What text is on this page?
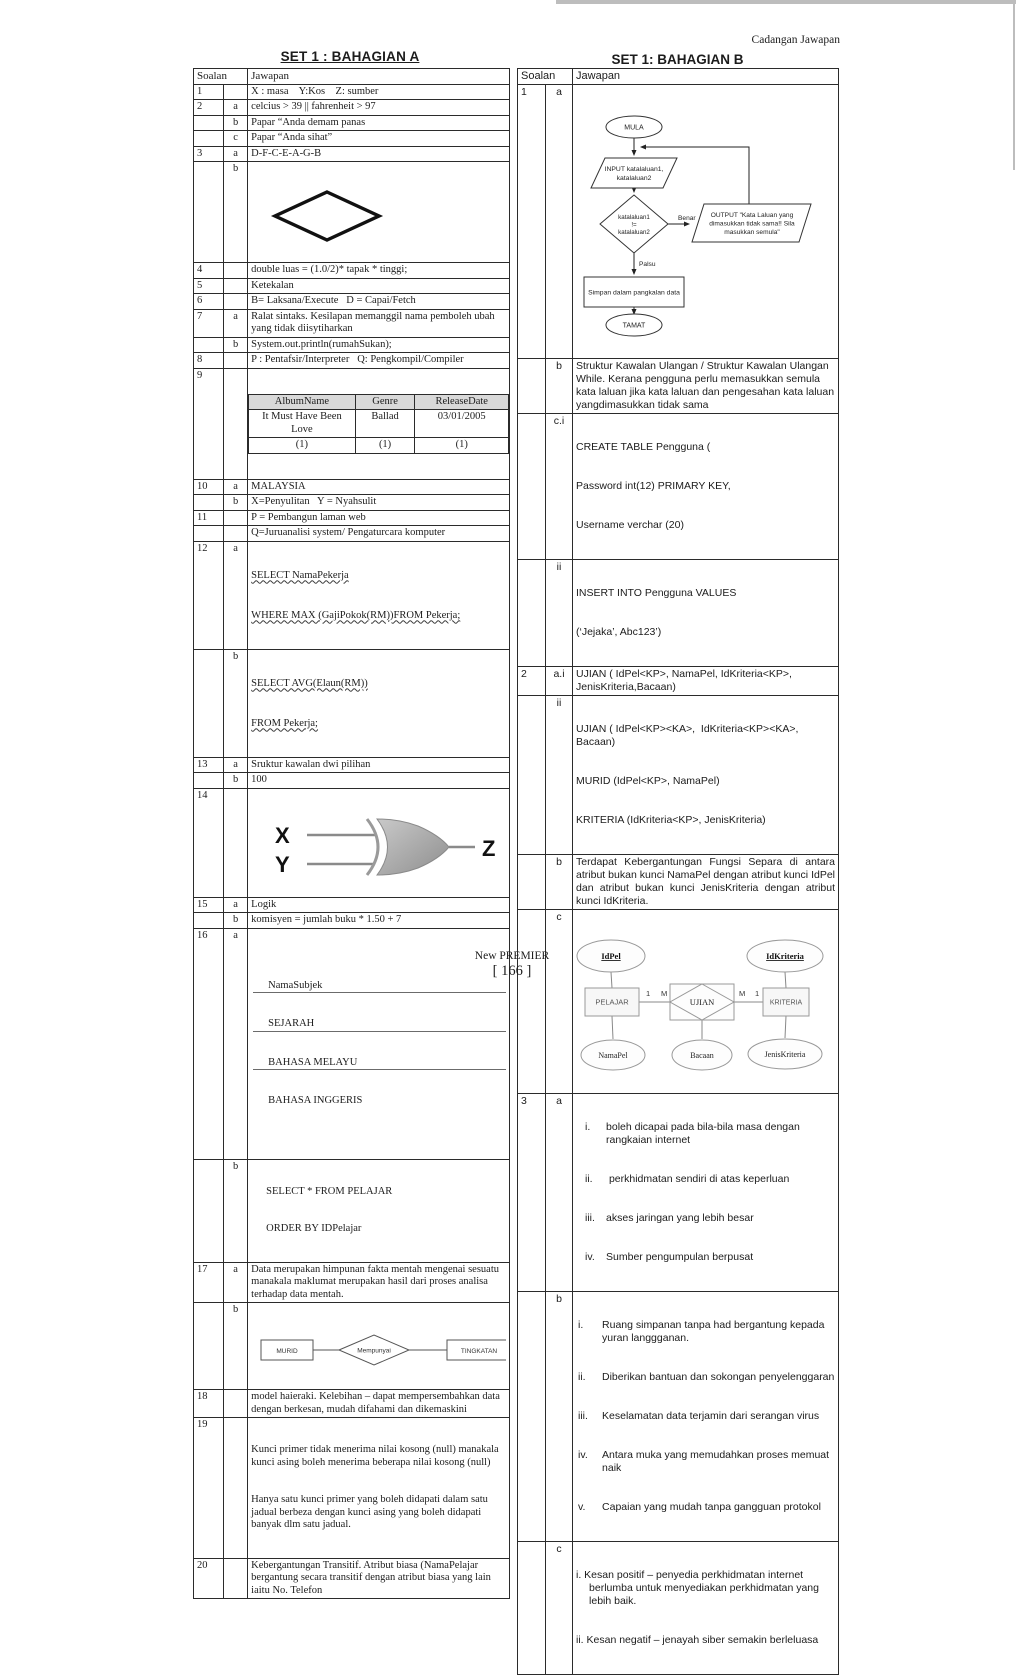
Cadangan Jawapan
SET 1 : BAHAGIAN A	SET 1: BAHAGIAN B
Soalan	Jawapan
1		X : masa    Y:Kos    Z: sumber
2	a	celcius > 39 || fahrenheit > 97
	b	Papar “Anda demam panas
	c	Papar “Anda sihat”
3	a	D-F-C-E-A-G-B
	b	

4		double luas = (1.0/2)* tapak * tinggi;
5		Ketekalan
6		B= Laksana/Execute   D = Capai/Fetch
7	a	Ralat sintaks. Kesilapan memanggil nama pemboleh ubah yang tidak diisytiharkan
	b	System.out.println(rumahSukan);
8		P : Pentafsir/Interpreter   Q: Pengkompil/Compiler
9		

AlbumName	Genre	ReleaseDate
It Must Have Been Love	Ballad	03/01/2005
(1)	(1)	(1)

10	a	MALAYSIA
	b	X=Penyulitan   Y = Nyahsulit
11		P = Pembangun laman web
		Q=Juruanalisi system/ Pengaturcara komputer
12	a	

SELECT NamaPekerja

WHERE MAX (GajiPokok(RM))FROM Pekerja;

	b	

SELECT AVG(Elaun(RM))

FROM Pekerja;

13	a	Sruktur kawalan dwi pilihan
	b	100
14		

X
Y
Z

15	a	Logik
	b	komisyen = jumlah buku * 1.50 + 7
16	a	

NamaSubjek

SEJARAH

BAHASA MELAYU

BAHASA INGGERIS

	b	

SELECT * FROM PELAJAR

ORDER BY IDPelajar

17	a	Data merupakan himpunan fakta mentah mengenai sesuatu manakala maklumat merupakan hasil dari proses analisa terhadap data mentah.
	b	

MURID	Mempunyai	TINGKATAN

18		model haieraki. Kelebihan – dapat mempersembahkan data dengan berkesan, mudah difahami dan dikemaskini
19		

Kunci primer tidak menerima nilai kosong (null) manakala kunci asing boleh menerima beberapa nilai kosong (null)

Hanya satu kunci primer yang boleh didapati dalam satu jadual berbeza dengan kunci asing yang boleh didapati banyak dlm satu jadual.

20		Kebergantungan Transitif. Atribut biasa (NamaPelajar bergantung secara transitif dengan atribut biasa yang lain iaitu No. Telefon
Soalan		Jawapan
1	a	

MULA
INPUT katalaluan1,
katalaluan2
katalaluan1
!=
katalaluan2
Benar OUTPUT "Kata Laluan yang
dimasukkan tidak sama!! Sila
masukkan semula"
Palsu
Simpan dalam pangkalan data
TAMAT

	b	Struktur Kawalan Ulangan / Struktur Kawalan Ulangan While. Kerana pengguna perlu memasukkan semula kata laluan jika kata laluan dan pengesahan kata laluan yangdimasukkan tidak sama
	c.i	CREATE TABLE Pengguna (

Password int(12) PRIMARY KEY,

Username verchar (20)

	ii	INSERT INTO Pengguna VALUES

(‘Jejaka’, Abc123’)

2	a.i	UJIAN ( IdPel<KP>, NamaPel, IdKriteria<KP>, JenisKriteria,Bacaan)
	ii	UJIAN ( IdPel<KP><KA>,  IdKriteria<KP><KA>, Bacaan)

MURID (IdPel<KP>, NamaPel)

KRITERIA (IdKriteria<KP>, JenisKriteria)

	b	Terdapat Kebergantungan Fungsi Separa di antara atribut bukan kunci NamaPel dengan atribut kunci IdPel dan atribut bukan kunci JenisKriteria dengan atribut kunci IdKriteria.
	c	

IdPel	IdKriteria
PELAJAR	UJIAN	KRITERIA
NamaPel	Bacaan	JenisKriteria
1 M	M 1

3	a	

i.	boleh dicapai pada bila-bila masa dengan rangkaian internet

ii.	perkhidmatan sendiri di atas keperluan

iii.	akses jaringan yang lebih besar

iv.	Sumber pengumpulan berpusat

	b	

i.	Ruang simpanan tanpa had bergantung kepada yuran langgganan.

ii.	Diberikan bantuan dan sokongan penyelenggaran

iii.	Keselamatan data terjamin dari serangan virus

iv.	Antara muka yang memudahkan proses memuat naik

v.	Capaian yang mudah tanpa gangguan protokol

	c	i. Kesan positif – penyedia perkhidmatan internet berlumba untuk menyediakan perkhidmatan yang lebih baik.

ii. Kesan negatif – jenayah siber semakin berleluasa

New PREMIER
[ 166 ]
